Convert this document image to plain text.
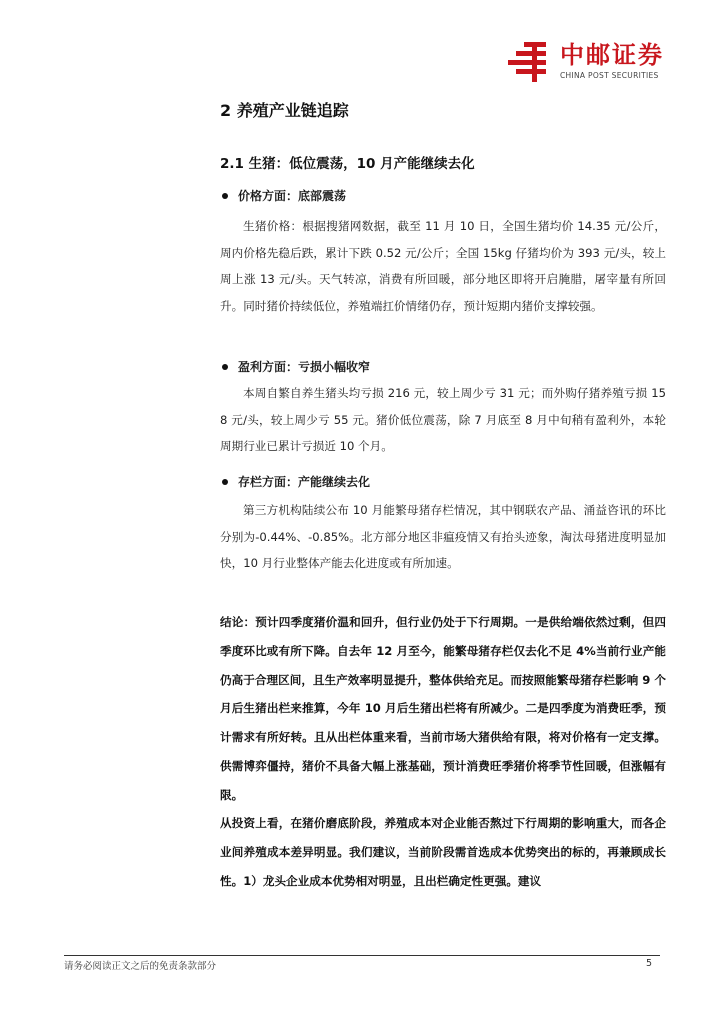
中邮证券
CHINA POST SECURITIES
2 养殖产业链追踪
2.1 生猪：低位震荡，10 月产能继续去化
价格方面：底部震荡
生猪价格：根据搜猪网数据，截至 11 月 10 日，全国生猪均价 14.35 元/公斤，周内价格先稳后跌，累计下跌 0.52 元/公斤；全国 15kg 仔猪均价为 393 元/头，较上周上涨 13 元/头。天气转凉，消费有所回暖，部分地区即将开启腌腊，屠宰量有所回升。同时猪价持续低位，养殖端扛价情绪仍存，预计短期内猪价支撑较强。
盈利方面：亏损小幅收窄
本周自繁自养生猪头均亏损 216 元，较上周少亏 31 元；而外购仔猪养殖亏损 158 元/头，较上周少亏 55 元。猪价低位震荡，除 7 月底至 8 月中旬稍有盈利外，本轮周期行业已累计亏损近 10 个月。
存栏方面：产能继续去化
第三方机构陆续公布 10 月能繁母猪存栏情况，其中钢联农产品、涌益咨讯的环比分别为-0.44%、-0.85%。北方部分地区非瘟疫情又有抬头迹象，淘汰母猪进度明显加快，10 月行业整体产能去化进度或有所加速。
结论：预计四季度猪价温和回升，但行业仍处于下行周期。一是供给端依然过剩，但四季度环比或有所下降。自去年 12 月至今，能繁母猪存栏仅去化不足 4%当前行业产能仍高于合理区间，且生产效率明显提升，整体供给充足。而按照能繁母猪存栏影响 9 个月后生猪出栏来推算，今年 10 月后生猪出栏将有所减少。二是四季度为消费旺季，预计需求有所好转。且从出栏体重来看，当前市场大猪供给有限，将对价格有一定支撑。供需博弈僵持，猪价不具备大幅上涨基础，预计消费旺季猪价将季节性回暖，但涨幅有限。
从投资上看，在猪价磨底阶段，养殖成本对企业能否熬过下行周期的影响重大，而各企业间养殖成本差异明显。我们建议，当前阶段需首选成本优势突出的标的，再兼顾成长性。1）龙头企业成本优势相对明显，且出栏确定性更强。建议
请务必阅读正文之后的免责条款部分	5
